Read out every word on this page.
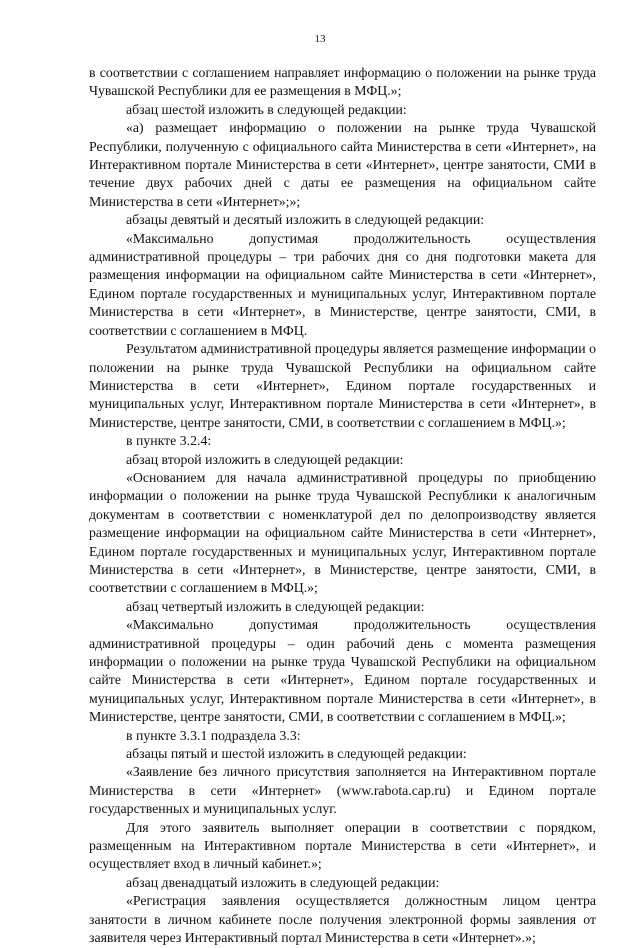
13

в соответствии с соглашением направляет информацию о положении на рынке труда Чувашской Республики для ее размещения в МФЦ.»;

абзац шестой изложить в следующей редакции:

«а) размещает информацию о положении на рынке труда Чувашской Республики, полученную с официального сайта Министерства в сети «Интернет», на Интерактивном портале Министерства в сети «Интернет», центре занятости, СМИ в течение двух рабочих дней с даты ее размещения на официальном сайте Министерства в сети «Интернет»;»;

абзацы девятый и десятый изложить в следующей редакции:

«Максимально допустимая продолжительность осуществления административной процедуры – три рабочих дня со дня подготовки макета для размещения информации на официальном сайте Министерства в сети «Интернет», Едином портале государственных и муниципальных услуг, Интерактивном портале Министерства в сети «Интернет», в Министерстве, центре занятости, СМИ, в соответствии с соглашением в МФЦ.

Результатом административной процедуры является размещение информации о положении на рынке труда Чувашской Республики на официальном сайте Министерства в сети «Интернет», Едином портале государственных и муниципальных услуг, Интерактивном портале Министерства в сети «Интернет», в Министерстве, центре занятости, СМИ, в соответствии с соглашением в МФЦ.»;

в пункте 3.2.4:

абзац второй изложить в следующей редакции:

«Основанием для начала административной процедуры по приобщению информации о положении на рынке труда Чувашской Республики к аналогичным документам в соответствии с номенклатурой дел по делопроизводству является размещение информации на официальном сайте Министерства в сети «Интернет», Едином портале государственных и муниципальных услуг, Интерактивном портале Министерства в сети «Интернет», в Министерстве, центре занятости, СМИ, в соответствии с соглашением в МФЦ.»;

абзац четвертый изложить в следующей редакции:

«Максимально допустимая продолжительность осуществления административной процедуры – один рабочий день с момента размещения информации о положении на рынке труда Чувашской Республики на официальном сайте Министерства в сети «Интернет», Едином портале государственных и муниципальных услуг, Интерактивном портале Министерства в сети «Интернет», в Министерстве, центре занятости, СМИ, в соответствии с соглашением в МФЦ.»;

в пункте 3.3.1 подраздела 3.3:

абзацы пятый и шестой изложить в следующей редакции:

«Заявление без личного присутствия заполняется на Интерактивном портале Министерства в сети «Интернет» (www.rabota.cap.ru) и Едином портале государственных и муниципальных услуг.

Для этого заявитель выполняет операции в соответствии с порядком, размещенным на Интерактивном портале Министерства в сети «Интернет», и осуществляет вход в личный кабинет.»;

абзац двенадцатый изложить в следующей редакции:

«Регистрация заявления осуществляется должностным лицом центра занятости в личном кабинете после получения электронной формы заявления от заявителя через Интерактивный портал Министерства в сети «Интернет».»;
